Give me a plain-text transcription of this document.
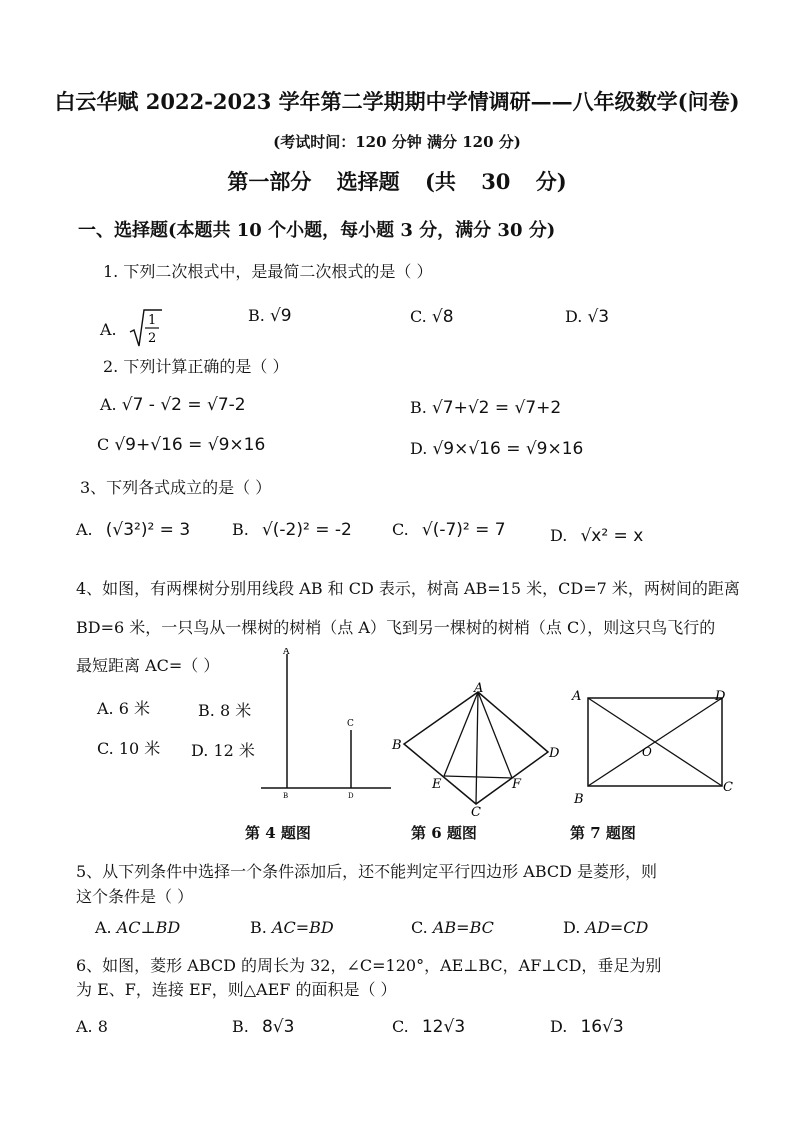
白云华赋 2022-2023 学年第二学期期中学情调研——八年级数学(问卷)
(考试时间：120 分钟 满分 120 分)
第一部分 选择题 (共 30 分)
一、选择题(本题共 10 个小题，每小题 3 分，满分 30 分)
1. 下列二次根式中，是最简二次根式的是（ ）
A. 1
2
B. √9	C. √8	D. √3
2. 下列计算正确的是（ ）
A. √7 - √2 = √7-2	B. √7+√2 = √7+2
C √9+√16 = √9×16	D. √9×√16 = √9×16
3、下列各式成立的是（ ）
A. (√3²)² = 3	B. √(-2)² = -2	C. √(-7)² = 7	D. √x² = x
4、如图，有两棵树分别用线段 AB 和 CD 表示，树高 AB=15 米，CD=7 米，两树间的距离
BD=6 米，一只鸟从一棵树的树梢（点 A）飞到另一棵树的树梢（点 C），则这只鸟飞行的
最短距离 AC=（ ）
A. 6 米	B. 8 米
C. 10 米 D. 12 米
A
C
B	D
第 4 题图
A
B
C
D
E	F
第 6 题图
A	D
B
C
O
第 7 题图
5、从下列条件中选择一个条件添加后，还不能判定平行四边形 ABCD 是菱形，则
这个条件是（ ）
A. AC⊥BD	B. AC=BD	C. AB=BC	D. AD=CD
6、如图，菱形 ABCD 的周长为 32，∠C=120°，AE⊥BC，AF⊥CD，垂足为别
为 E、F，连接 EF，则△AEF 的面积是（ ）
A. 8	B. 8√3	C. 12√3	D. 16√3
